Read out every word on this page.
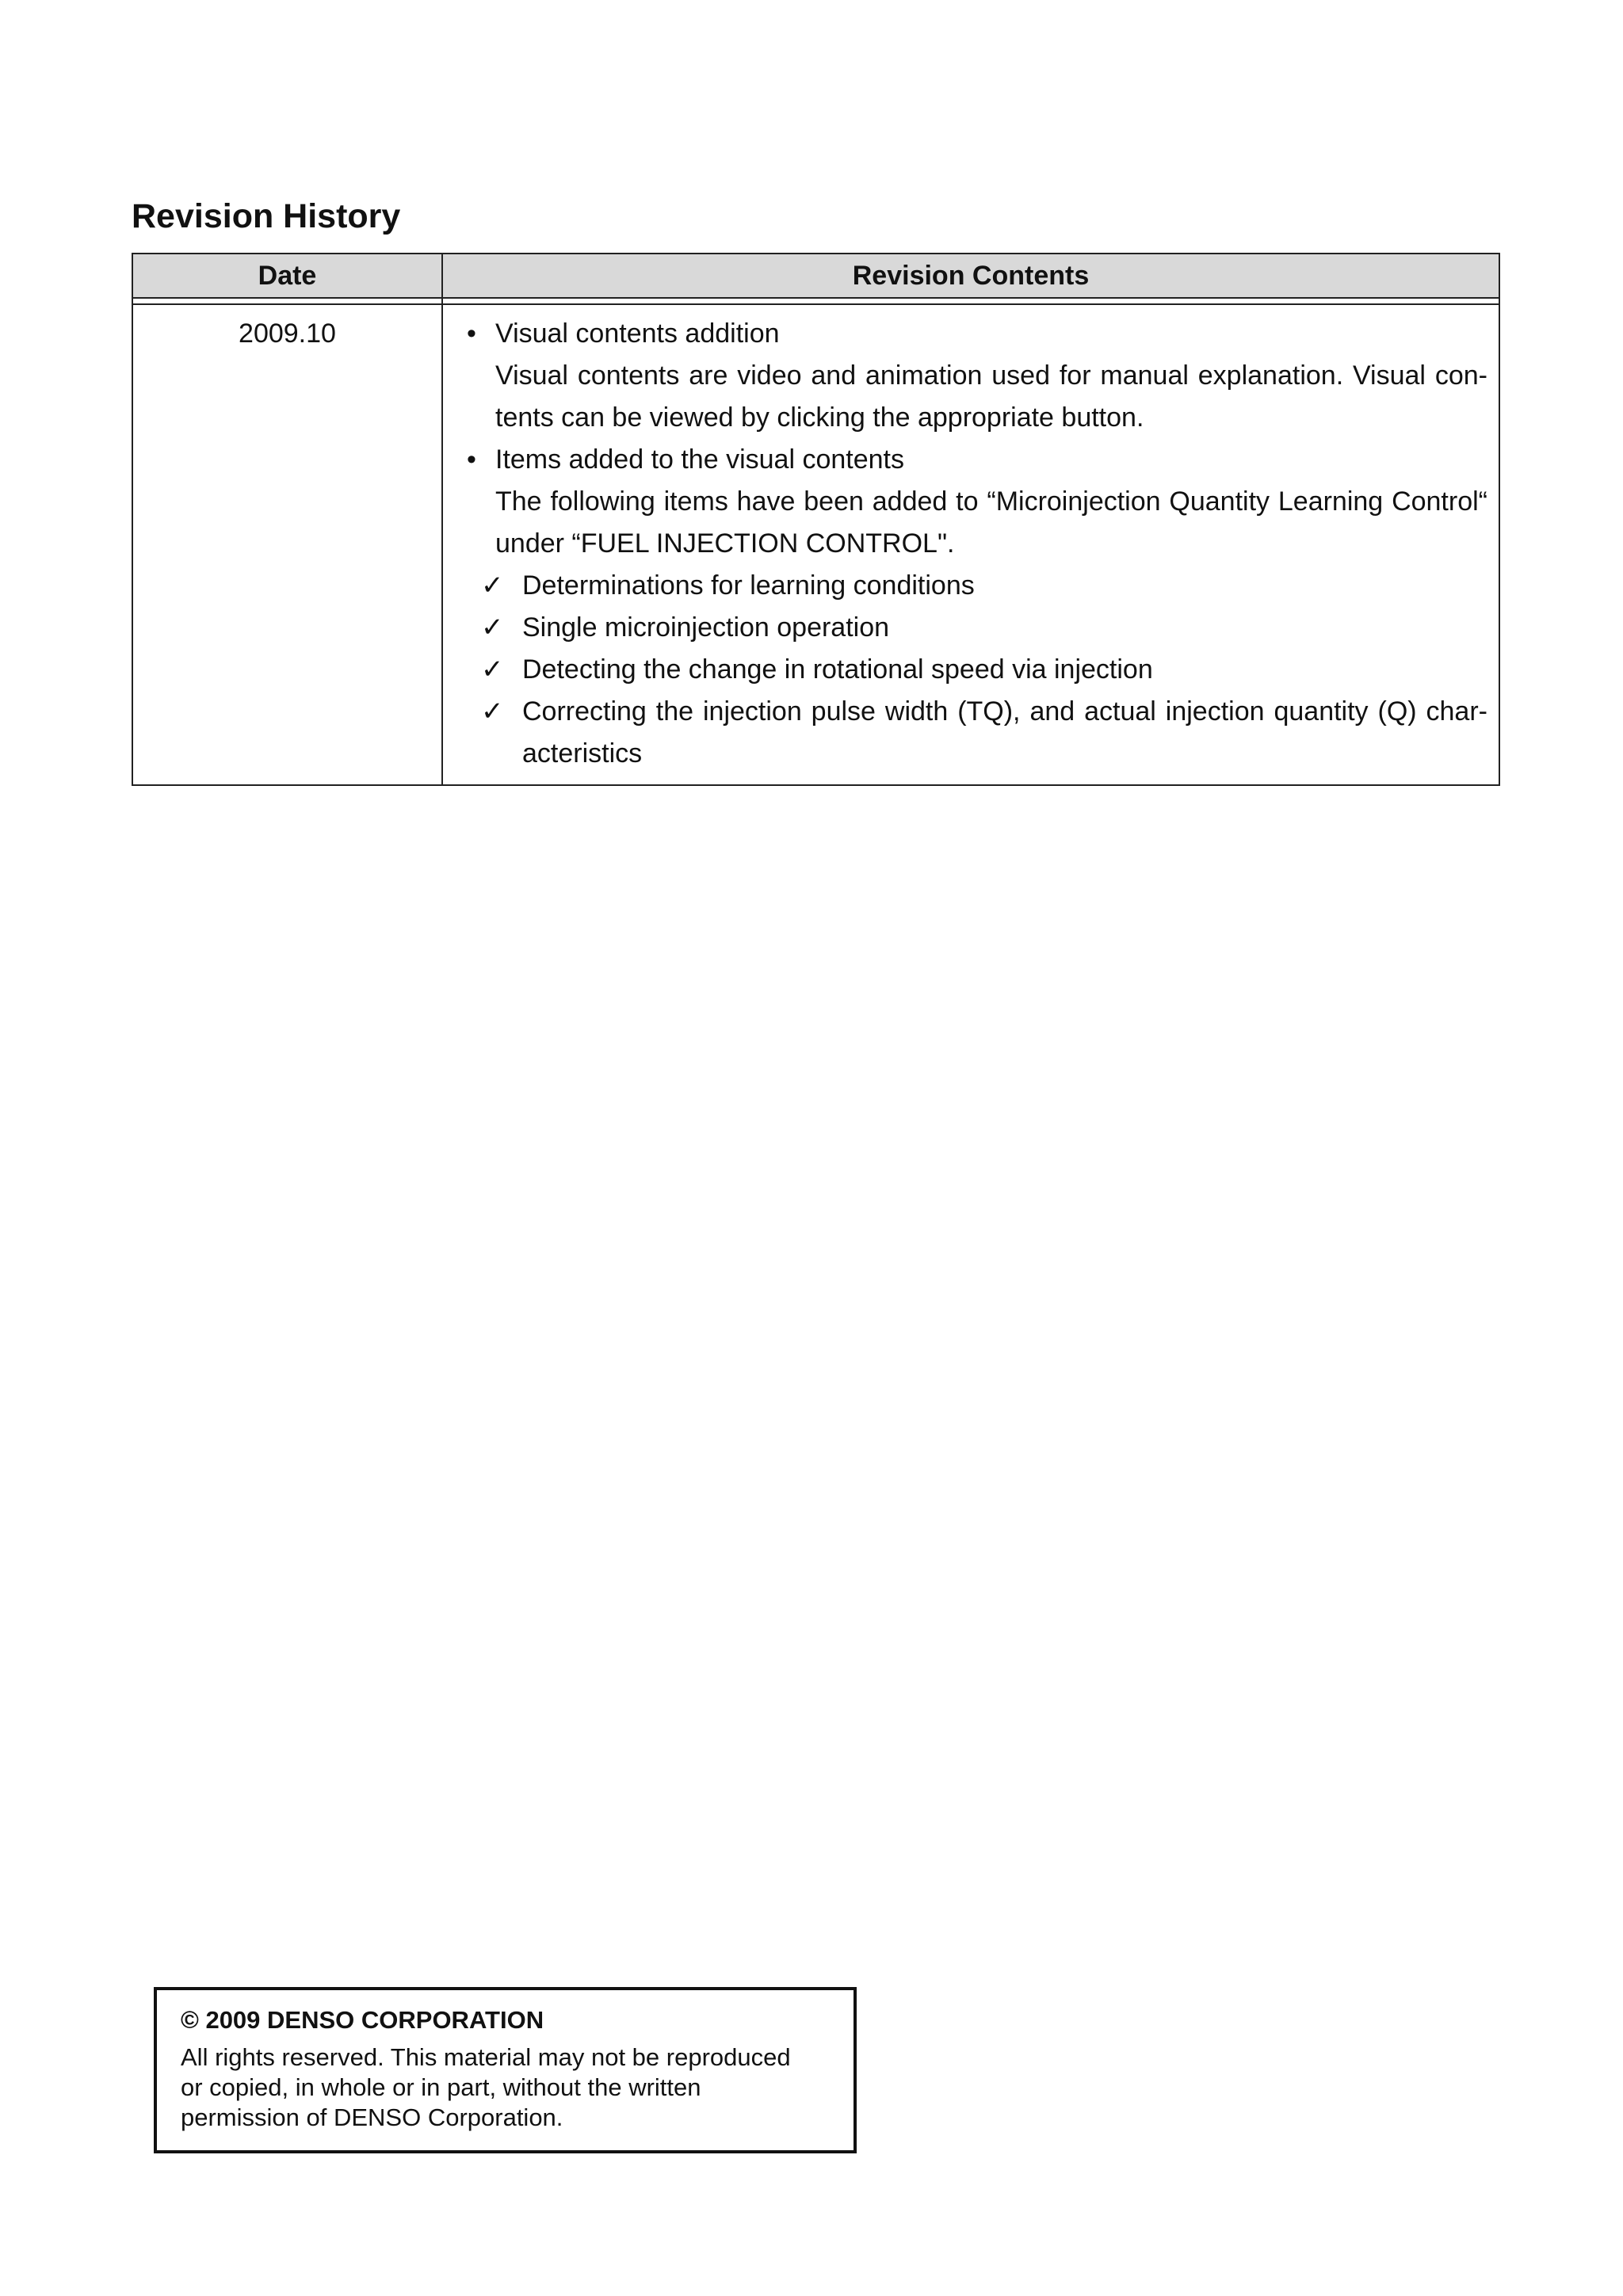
Revision History
Date	Revision Contents
2009.10	• Visual contents addition
Visual contents are video and animation used for manual explanation. Visual con-tents can be viewed by clicking the appropriate button.
• Items added to the visual contents
The following items have been added to “Microinjection Quantity Learning Control“ under “FUEL INJECTION CONTROL".
✓ Determinations for learning conditions
✓ Single microinjection operation
✓ Detecting the change in rotational speed via injection
✓ Correcting the injection pulse width (TQ), and actual injection quantity (Q) char-acteristics
© 2009 DENSO CORPORATION
All rights reserved. This material may not be reproduced or copied, in whole or in part, without the written permission of DENSO Corporation.
